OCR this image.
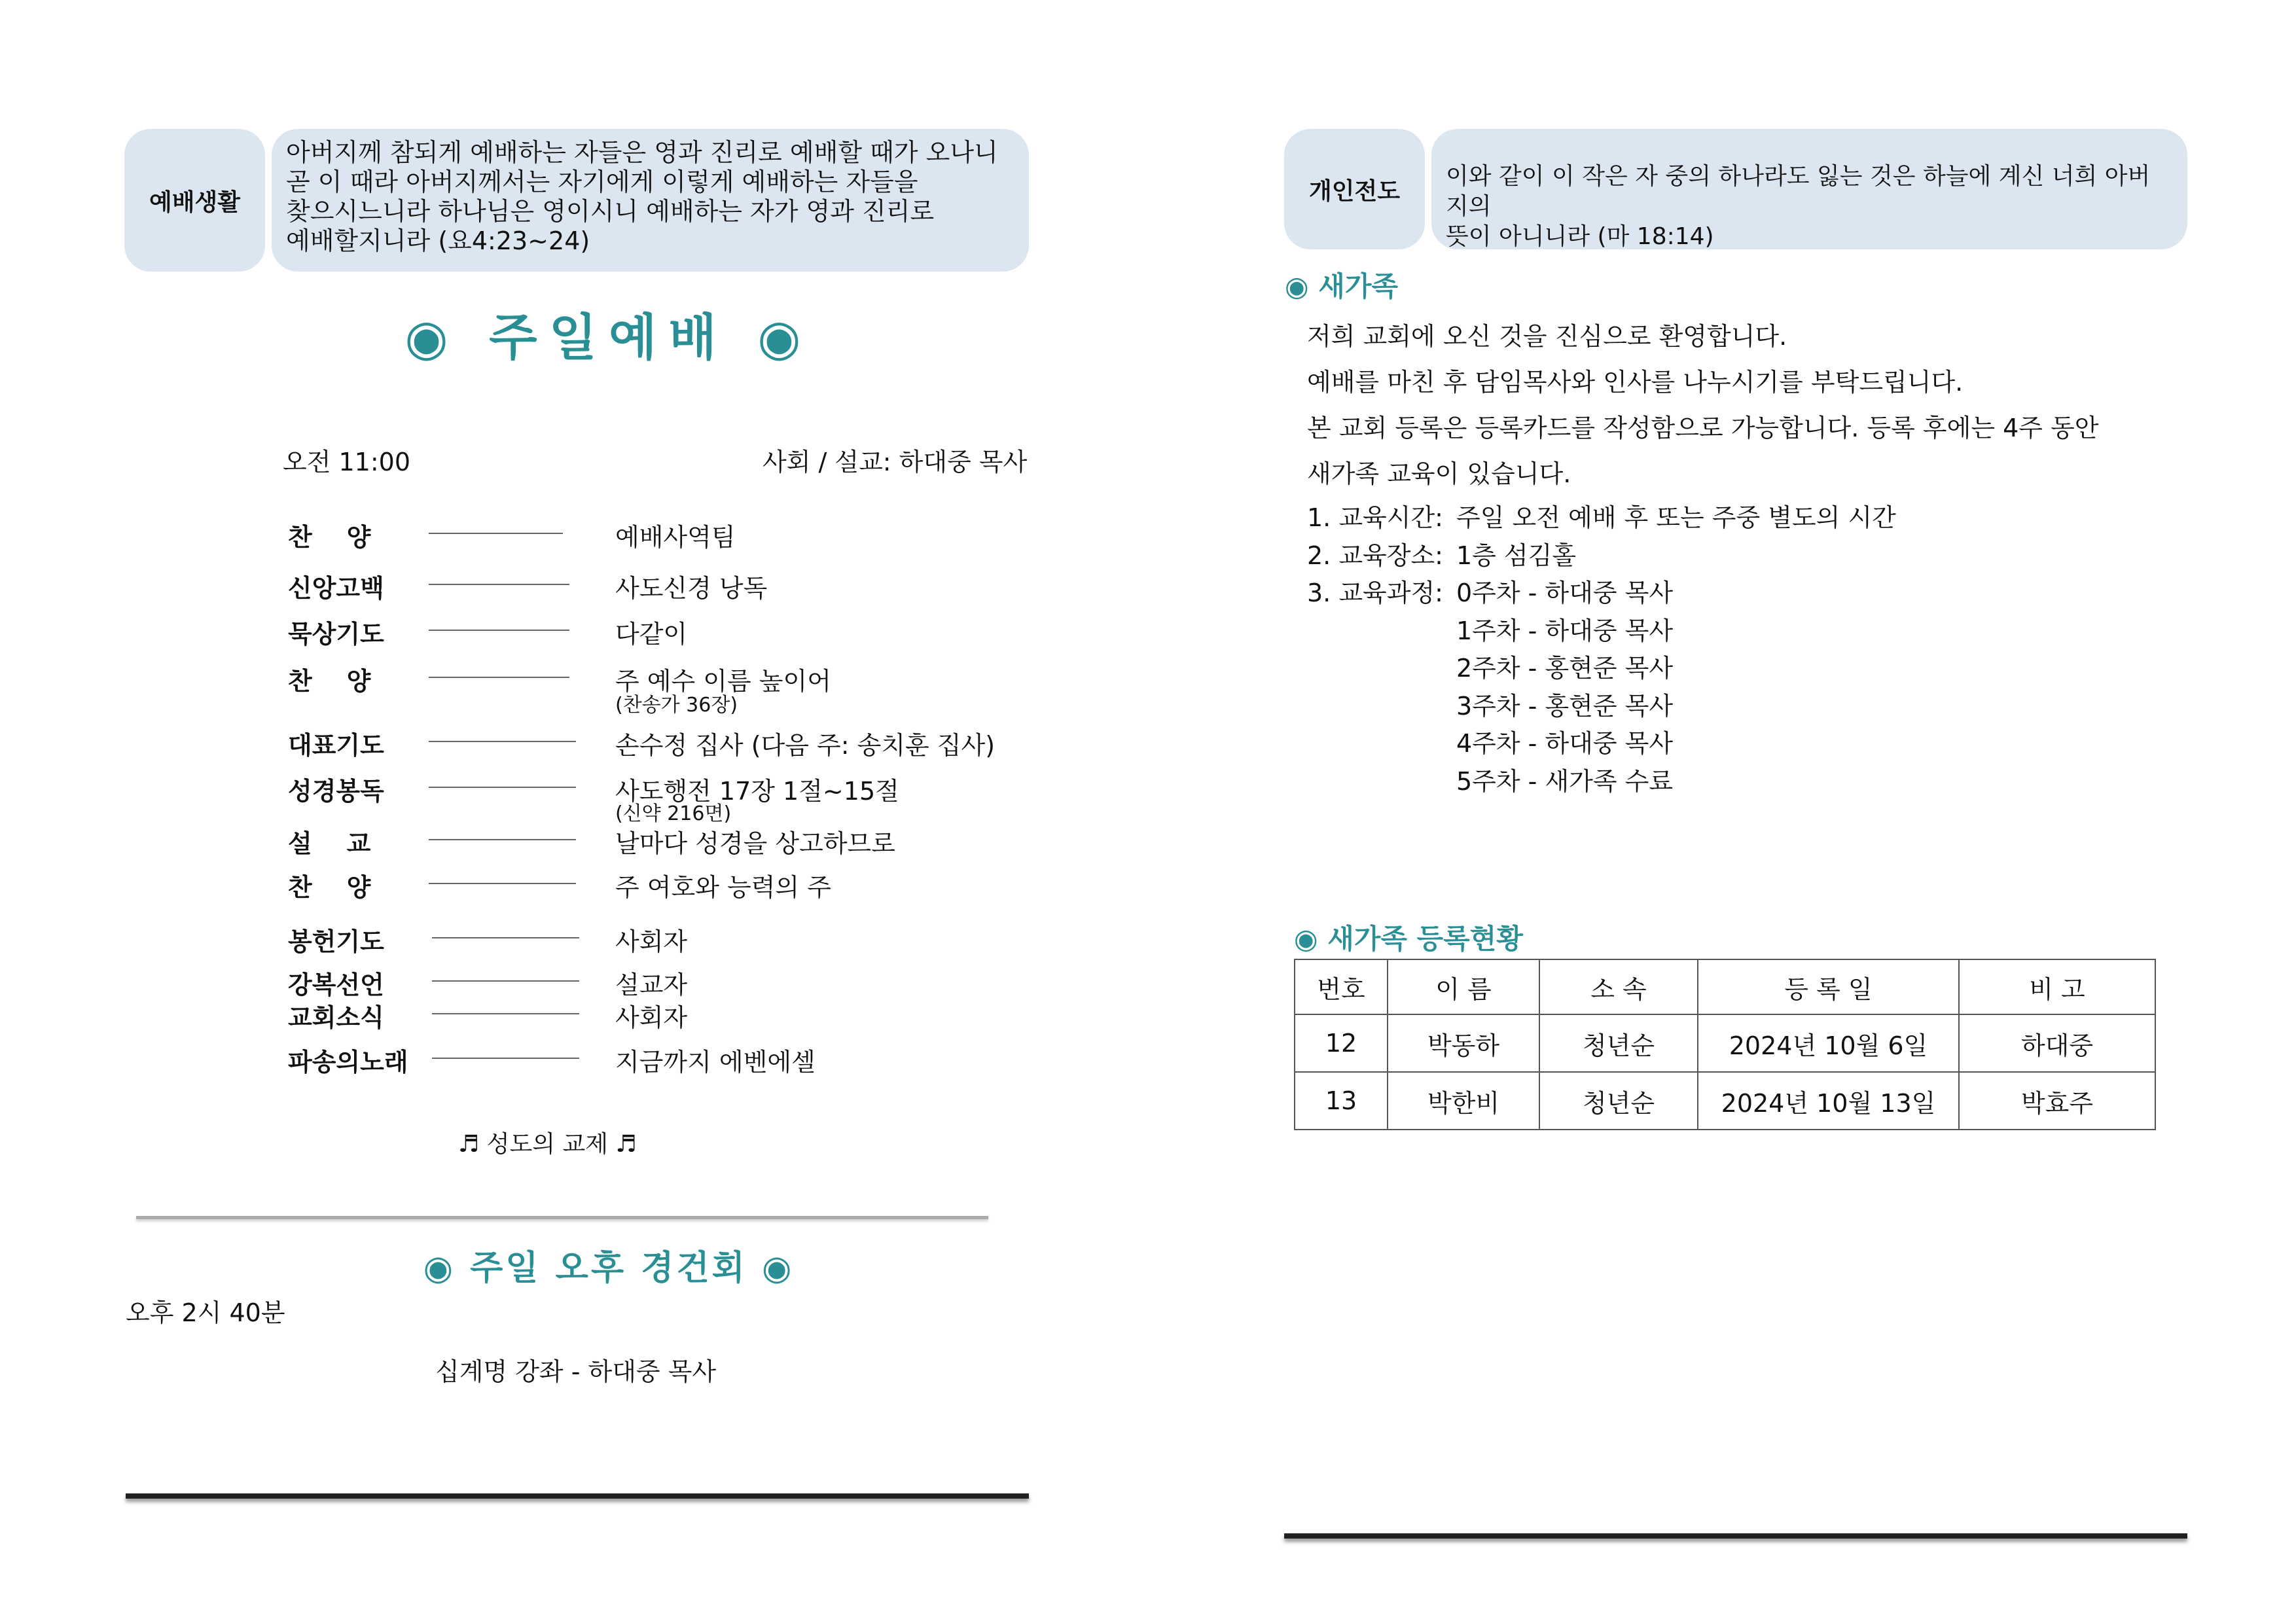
예배생활
아버지께 참되게 예배하는 자들은 영과 진리로 예배할 때가 오나니
곧 이 때라 아버지께서는 자기에게 이렇게 예배하는 자들을
찾으시느니라 하나님은 영이시니 예배하는 자가 영과 진리로
예배할지니라 (요4:23~24)
◉ 주일예배 ◉
오전 11:00	사회 / 설교: 하대중 목사
찬    양	예배사역팀
신앙고백	사도신경 낭독
묵상기도	다같이
찬    양	주 예수 이름 높이어
(찬송가 36장)
대표기도	손수정 집사 (다음 주: 송치훈 집사)
성경봉독	사도행전 17장 1절~15절
(신약 216면)
설    교	날마다 성경을 상고하므로
찬    양	주 여호와 능력의 주
봉헌기도	사회자
강복선언	설교자
교회소식	사회자
파송의노래	지금까지 에벤에셀
♬ 성도의 교제 ♬
◉ 주일 오후 경건회 ◉
오후 2시 40분
십계명 강좌 - 하대중 목사
개인전도
이와 같이 이 작은 자 중의 하나라도 잃는 것은 하늘에 계신 너희 아버지의
뜻이 아니니라 (마 18:14)
◉ 새가족
저희 교회에 오신 것을 진심으로 환영합니다.
예배를 마친 후 담임목사와 인사를 나누시기를 부탁드립니다.
본 교회 등록은 등록카드를 작성함으로 가능합니다. 등록 후에는 4주 동안
새가족 교육이 있습니다.
1. 교육시간: 주일 오전 예배 후 또는 주중 별도의 시간
2. 교육장소: 1층 섬김홀
3. 교육과정: 0주차 - 하대중 목사
1주차 - 하대중 목사
2주차 - 홍현준 목사
3주차 - 홍현준 목사
4주차 - 하대중 목사
5주차 - 새가족 수료
◉ 새가족 등록현황
번호	이 름	소 속	등 록 일	비 고
12	박동하	청년순	2024년 10월 6일	하대중
13	박한비	청년순	2024년 10월 13일	박효주
